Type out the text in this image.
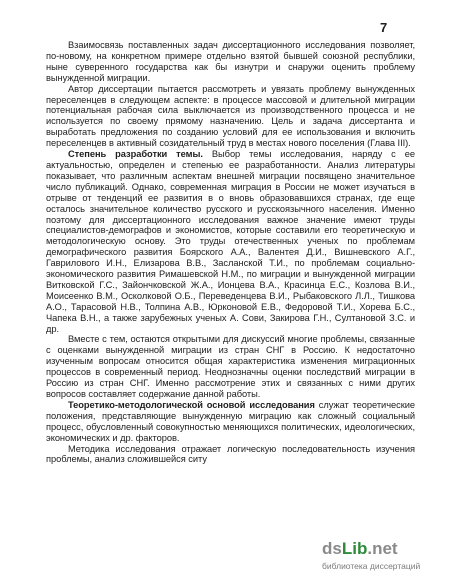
7

Взаимосвязь поставленных задач диссертационного исследования позволяет, по-новому, на конкретном примере отдельно взятой бывшей союзной республики, ныне суверенного государства как бы изнутри и снаружи оценить проблему вынужденной миграции.

Автор диссертации пытается рассмотреть и увязать проблему вынужденных переселенцев в следующем аспекте: в процессе массовой и длительной миграции потенциальная рабочая сила выключается из производственного процесса и не используется по своему прямому назначению. Цель и задача диссертанта и выработать предложения по созданию условий для ее использования и включить переселенцев в активный созидательный труд в местах нового поселения (Глава III).

Степень разработки темы. Выбор темы исследования, наряду с ее актуальностью, определен и степенью ее разработанности. Анализ литературы показывает, что различным аспектам внешней миграции посвящено значительное число публикаций. Однако, современная миграция в России не может изучаться в отрыве от тенденций ее развития в о вновь образовавшихся странах, где еще осталось значительное количество русского и русскоязычного населения. Именно поэтому для диссертационного исследования важное значение имеют труды специалистов-демографов и экономистов, которые составили его теоретическую и методологическую основу. Это труды отечественных ученых по проблемам демографического развития Боярского А.А., Валентея Д.И., Вишневского А.Г., Гаврилового И.Н., Елизарова В.В., Засланской Т.И., по проблемам социально-экономического развития Римашевской Н.М., по миграции и вынужденной миграции Витковской Г.С., Зайончковской Ж.А., Ионцева В.А., Красинца Е.С., Козлова В.И., Моисеенко В.М., Осколковой О.Б., Переведенцева В.И., Рыбаковского Л.Л., Тишкова А.О., Тарасовой Н.В., Толпина А.В., Юрконовой Е.В., Федоровой Т.И., Хорева Б.С., Чапека В.Н., а также зарубежных ученых А. Сови, Закирова Г.Н., Султановой З.С. и др.

Вместе с тем, остаются открытыми для дискуссий многие проблемы, связанные с оценками вынужденной миграции из стран СНГ в Россию. К недостаточно изученным вопросам относится общая характеристика изменения миграционных процессов в современный период. Неоднозначны оценки последствий миграции в Россию из стран СНГ. Именно рассмотрение этих и связанных с ними других вопросов составляет содержание данной работы.

Теоретико-методологической основой исследования служат теоретические положения, представляющие вынужденную миграцию как сложный социальный процесс, обусловленный совокупностью меняющихся политических, идеологических, экономических и др. факторов.

Методика исследования отражает логическую последовательность изучения проблемы, анализ сложившейся ситу

dsLib.net
библиотека диссертаций
